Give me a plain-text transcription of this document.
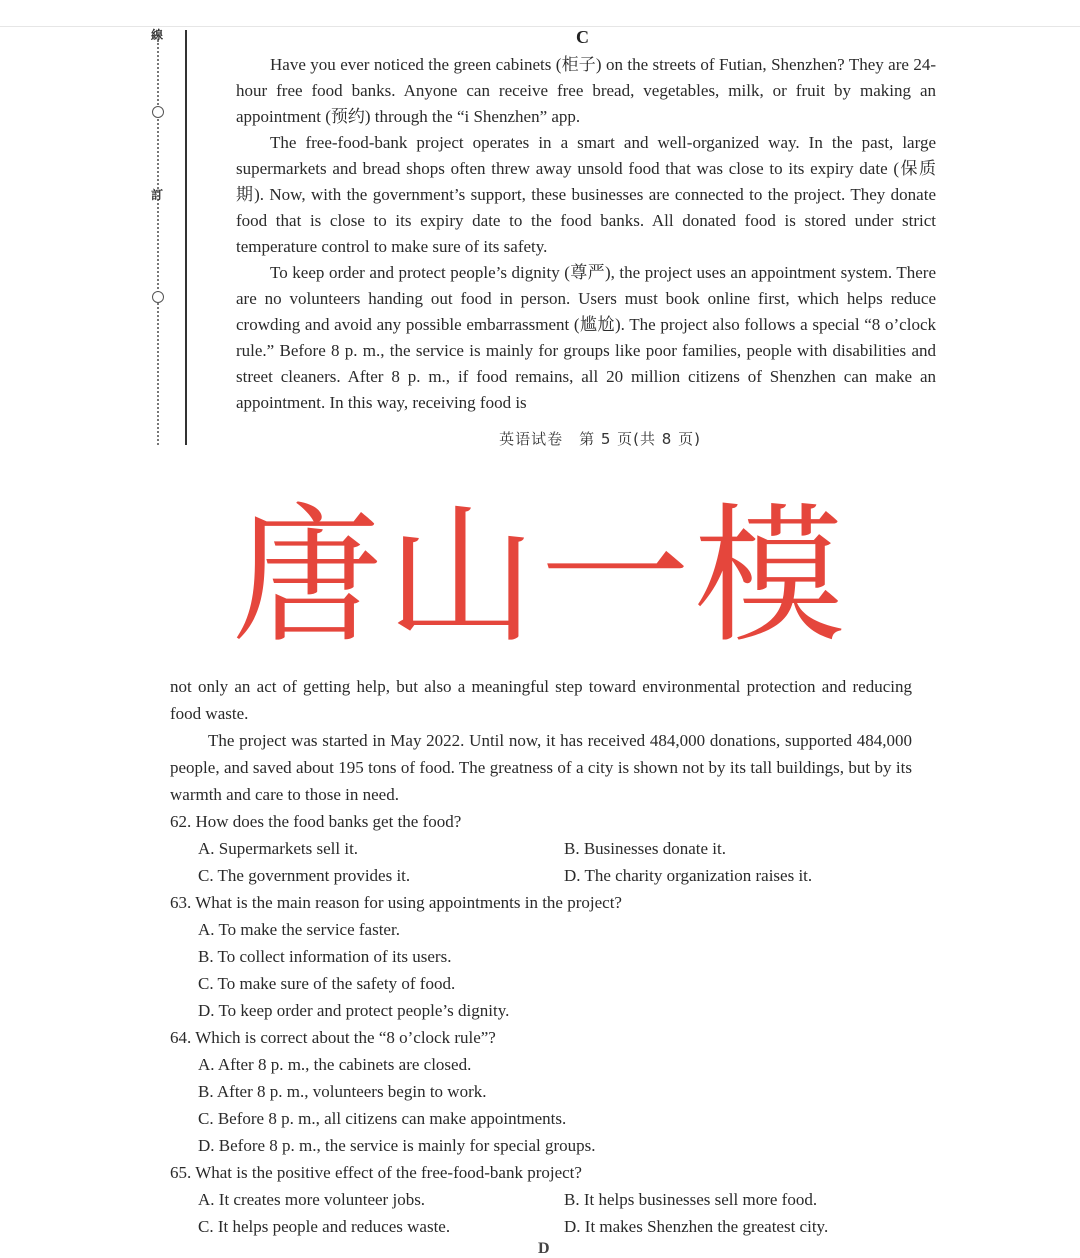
線
訂
C

Have you ever noticed the green cabinets (柜子) on the streets of Futian, Shenzhen? They are 24-hour free food banks. Anyone can receive free bread, vegetables, milk, or fruit by making an appointment (预约) through the “i Shenzhen” app.

The free-food-bank project operates in a smart and well-organized way. In the past, large supermarkets and bread shops often threw away unsold food that was close to its expiry date (保质期). Now, with the government’s support, these businesses are connected to the project. They donate food that is close to its expiry date to the food banks. All donated food is stored under strict temperature control to make sure of its safety.

To keep order and protect people’s dignity (尊严), the project uses an appointment system. There are no volunteers handing out food in person. Users must book online first, which helps reduce crowding and avoid any possible embarrassment (尴尬). The project also follows a special “8 o’clock rule.” Before 8 p. m., the service is mainly for groups like poor families, people with disabilities and street cleaners. After 8 p. m., if food remains, all 20 million citizens of Shenzhen can make an appointment. In this way, receiving food is

英语试卷　第 5 页(共 8 页)
唐山一模

not only an act of getting help, but also a meaningful step toward environmental protection and reducing food waste.

The project was started in May 2022. Until now, it has received 484,000 donations, supported 484,000 people, and saved about 195 tons of food. The greatness of a city is shown not by its tall buildings, but by its warmth and care to those in need.

62. How does the food banks get the food?

A. Supermarkets sell it.	B. Businesses donate it.
C. The government provides it.	D. The charity organization raises it.

63. What is the main reason for using appointments in the project?

A. To make the service faster.
B. To collect information of its users.
C. To make sure of the safety of food.
D. To keep order and protect people’s dignity.

64. Which is correct about the “8 o’clock rule”?

A. After 8 p. m., the cabinets are closed.
B. After 8 p. m., volunteers begin to work.
C. Before 8 p. m., all citizens can make appointments.
D. Before 8 p. m., the service is mainly for special groups.

65. What is the positive effect of the free-food-bank project?

A. It creates more volunteer jobs.	B. It helps businesses sell more food.
C. It helps people and reduces waste.	D. It makes Shenzhen the greatest city.
D
